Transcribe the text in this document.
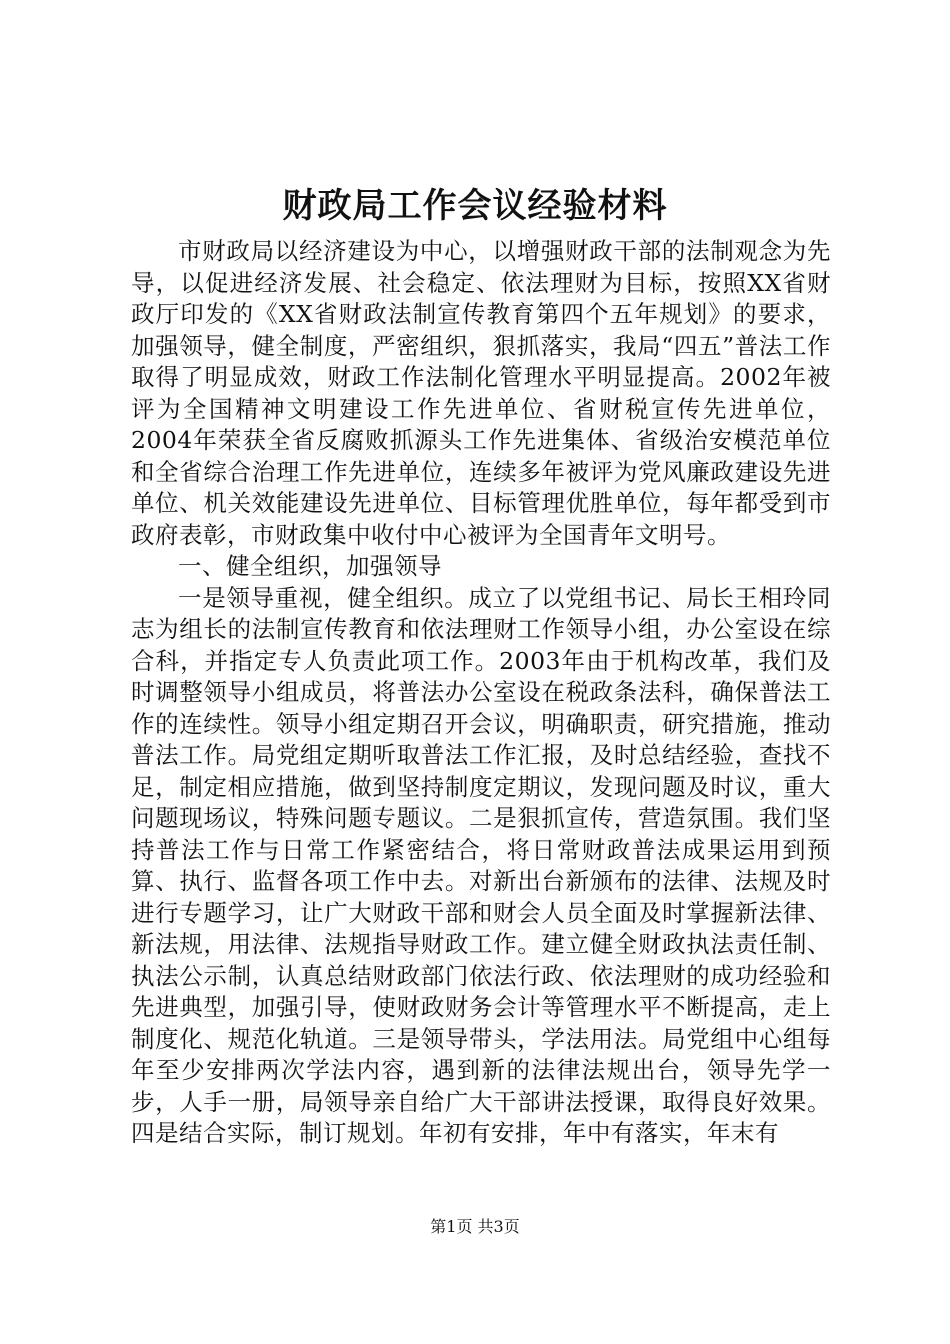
财政局工作会议经验材料

市财政局以经济建设为中心，以增强财政干部的法制观念为先导，以促进经济发展、社会稳定、依法理财为目标，按照XX省财政厅印发的《XX省财政法制宣传教育第四个五年规划》的要求，加强领导，健全制度，严密组织，狠抓落实，我局“四五”普法工作取得了明显成效，财政工作法制化管理水平明显提高。2002年被评为全国精神文明建设工作先进单位、省财税宣传先进单位，2004年荣获全省反腐败抓源头工作先进集体、省级治安模范单位和全省综合治理工作先进单位，连续多年被评为党风廉政建设先进单位、机关效能建设先进单位、目标管理优胜单位，每年都受到市政府表彰，市财政集中收付中心被评为全国青年文明号。

一、健全组织，加强领导

一是领导重视，健全组织。成立了以党组书记、局长王相玲同志为组长的法制宣传教育和依法理财工作领导小组，办公室设在综合科，并指定专人负责此项工作。2003年由于机构改革，我们及时调整领导小组成员，将普法办公室设在税政条法科，确保普法工作的连续性。领导小组定期召开会议，明确职责，研究措施，推动普法工作。局党组定期听取普法工作汇报，及时总结经验，查找不足，制定相应措施，做到坚持制度定期议，发现问题及时议，重大问题现场议，特殊问题专题议。二是狠抓宣传，营造氛围。我们坚持普法工作与日常工作紧密结合，将日常财政普法成果运用到预算、执行、监督各项工作中去。对新出台新颁布的法律、法规及时进行专题学习，让广大财政干部和财会人员全面及时掌握新法律、新法规，用法律、法规指导财政工作。建立健全财政执法责任制、执法公示制，认真总结财政部门依法行政、依法理财的成功经验和先进典型，加强引导，使财政财务会计等管理水平不断提高，走上制度化、规范化轨道。三是领导带头，学法用法。局党组中心组每年至少安排两次学法内容，遇到新的法律法规出台，领导先学一步，人手一册，局领导亲自给广大干部讲法授课，取得良好效果。四是结合实际，制订规划。年初有安排，年中有落实，年末有

第1页 共3页
